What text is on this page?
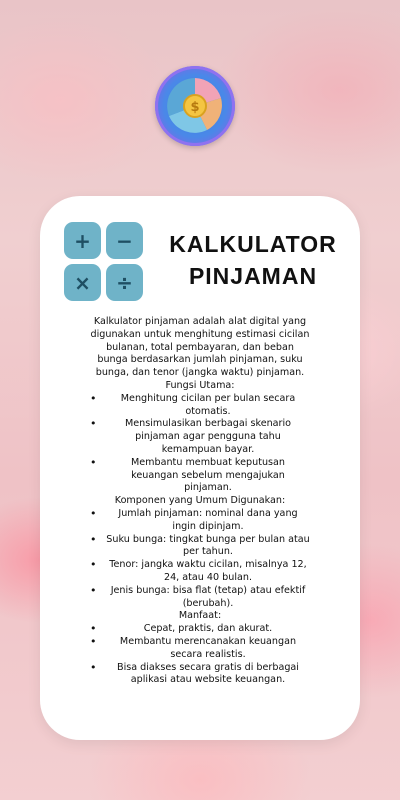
$
+	−
×	÷
KALKULATOR
PINJAMAN

Kalkulator pinjaman adalah alat digital yang digunakan untuk menghitung estimasi cicilan bulanan, total pembayaran, dan beban bunga berdasarkan jumlah pinjaman, suku bunga, dan tenor (jangka waktu) pinjaman.

Fungsi Utama:

• Menghitung cicilan per bulan secara otomatis.
• Mensimulasikan berbagai skenario pinjaman agar pengguna tahu kemampuan bayar.
• Membantu membuat keputusan keuangan sebelum mengajukan pinjaman.

Komponen yang Umum Digunakan:

• Jumlah pinjaman: nominal dana yang ingin dipinjam.
• Suku bunga: tingkat bunga per bulan atau per tahun.
• Tenor: jangka waktu cicilan, misalnya 12, 24, atau 40 bulan.
• Jenis bunga: bisa flat (tetap) atau efektif (berubah).

Manfaat:

• Cepat, praktis, dan akurat.
• Membantu merencanakan keuangan secara realistis.
• Bisa diakses secara gratis di berbagai aplikasi atau website keuangan.
